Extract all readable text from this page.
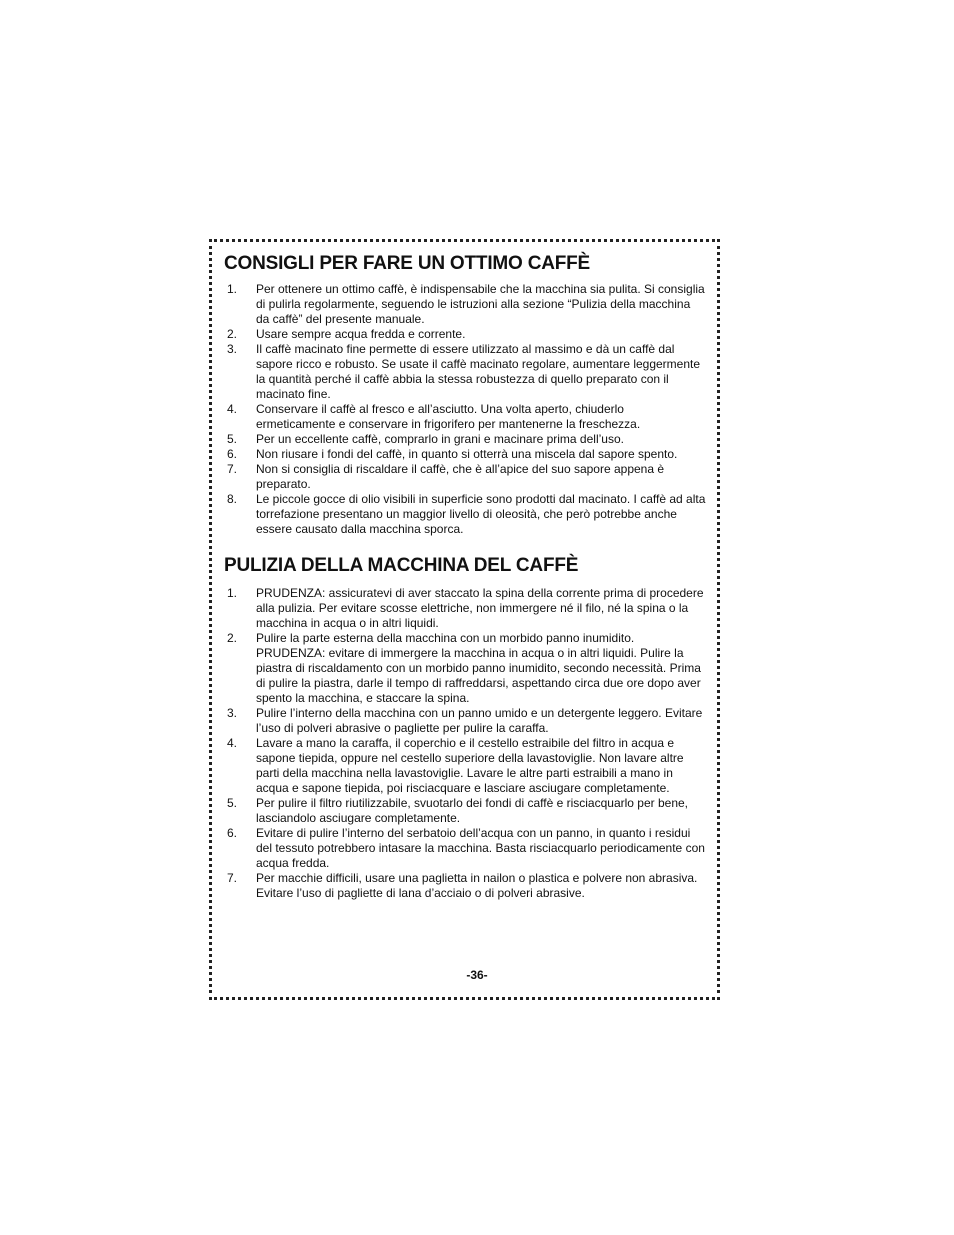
CONSIGLI PER FARE UN OTTIMO CAFFÈ
1.	Per ottenere un ottimo caffè, è indispensabile che la macchina sia pulita. Si consiglia di pulirla regolarmente, seguendo le istruzioni alla sezione “Pulizia della macchina da caffè” del presente manuale.
2.	Usare sempre acqua fredda e corrente.
3.	Il caffè macinato fine permette di essere utilizzato al massimo e dà un caffè dal sapore ricco e robusto. Se usate il caffè macinato regolare, aumentare leggermente la quantità perché il caffè abbia la stessa robustezza di quello preparato con il macinato fine.
4.	Conservare il caffè al fresco e all’asciutto. Una volta aperto, chiuderlo ermeticamente e conservare in frigorifero per mantenerne la freschezza.
5.	Per un eccellente caffè, comprarlo in grani e macinare prima dell’uso.
6.	Non riusare i fondi del caffè, in quanto si otterrà una miscela dal sapore spento.
7.	Non si consiglia di riscaldare il caffè, che è all’apice del suo sapore appena è preparato.
8.	Le piccole gocce di olio visibili in superficie sono prodotti dal macinato. I caffè ad alta torrefazione presentano un maggior livello di oleosità, che però potrebbe anche essere causato dalla macchina sporca.
PULIZIA DELLA MACCHINA DEL CAFFÈ
1.	PRUDENZA: assicuratevi di aver staccato la spina della corrente prima di procedere alla pulizia. Per evitare scosse elettriche, non immergere né il filo, né la spina o la macchina in acqua o in altri liquidi.
2.	Pulire la parte esterna della macchina con un morbido panno inumidito. PRUDENZA: evitare di immergere la macchina in acqua o in altri liquidi. Pulire la piastra di riscaldamento con un morbido panno inumidito, secondo necessità. Prima di pulire la piastra, darle il tempo di raffreddarsi, aspettando circa due ore dopo aver spento la macchina, e staccare la spina.
3.	Pulire l’interno della macchina con un panno umido e un detergente leggero. Evitare l’uso di polveri abrasive o pagliette per pulire la caraffa.
4.	Lavare a mano la caraffa, il coperchio e il cestello estraibile del filtro in acqua e sapone tiepida, oppure nel cestello superiore della lavastoviglie. Non lavare altre parti della macchina nella lavastoviglie. Lavare le altre parti estraibili a mano in acqua e sapone tiepida, poi risciacquare e lasciare asciugare completamente.
5.	Per pulire il filtro riutilizzabile, svuotarlo dei fondi di caffè e risciacquarlo per bene, lasciandolo asciugare completamente.
6.	Evitare di pulire l’interno del serbatoio dell’acqua con un panno, in quanto i residui del tessuto potrebbero intasare la macchina. Basta risciacquarlo periodicamente con acqua fredda.
7.	Per macchie difficili, usare una paglietta in nailon o plastica e polvere non abrasiva. Evitare l’uso di pagliette di lana d’acciaio o di polveri abrasive.
-36-
